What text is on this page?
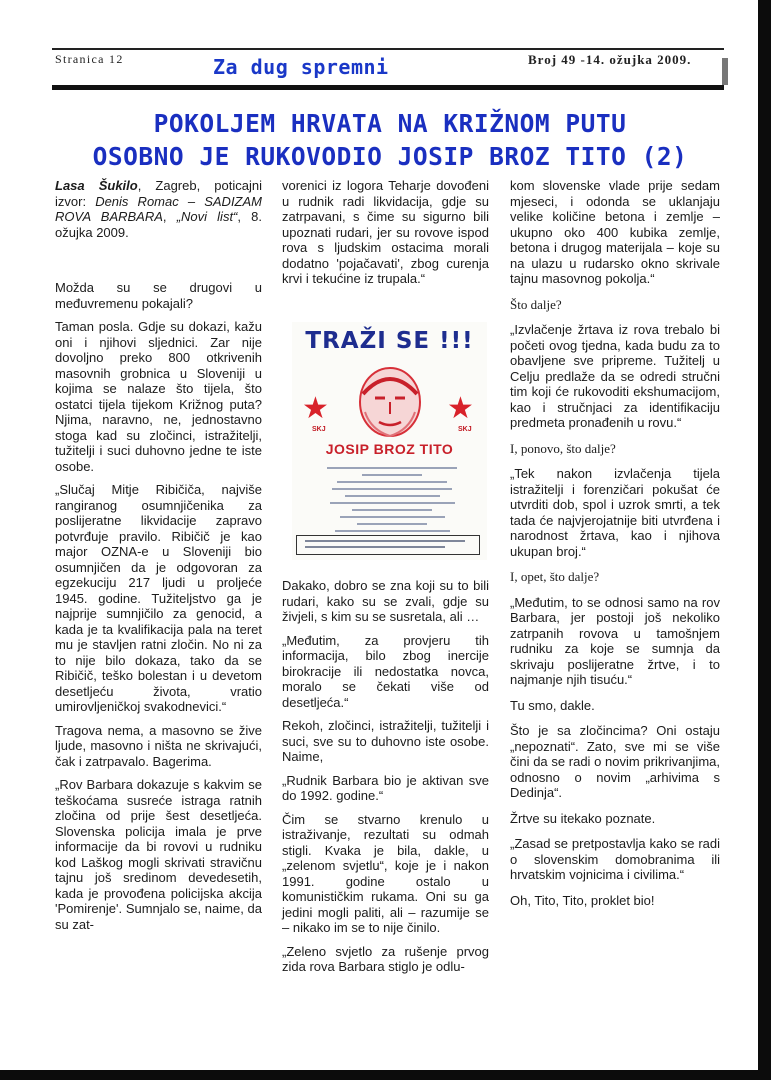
Stranica 12	Za dug spremni	Broj 49 -14. ožujka 2009.
POKOLJEM HRVATA NA KRIŽNOM PUTU
OSOBNO JE RUKOVODIO JOSIP BROZ TITO (2)

Lasa Šukilo, Zagreb, poticajni izvor: Denis Romac – SADIZAM ROVA BARBARA, „Novi list“, 8. ožujka 2009.

Možda su se drugovi u međuvremenu pokajali?

Taman posla. Gdje su dokazi, kažu oni i njihovi sljednici. Zar nije dovoljno preko 800 otkrivenih masovnih grobnica u Sloveniji u kojima se nalaze što tijela, što ostatci tijela tijekom Križnog puta? Njima, naravno, ne, jednostavno stoga kad su zločinci, istražitelji, tužitelji i suci duhovno jedne te iste osobe.

„Slučaj Mitje Ribičiča, najviše rangiranog osumnjičenika za poslijeratne likvidacije zapravo potvrđuje pravilo. Ribičič je kao major OZNA-e u Sloveniji bio osumnjičen da je odgovoran za egzekuciju 217 ljudi u proljeće 1945. godine. Tužiteljstvo ga je najprije sumnjičilo za genocid, a kada je ta kvalifikacija pala na teret mu je stavljen ratni zločin. No ni za to nije bilo dokaza, tako da se Ribičič, teško bolestan i u devetom desetljeću života, vratio umirovljeničkoj svakodnevici.“

Tragova nema, a masovno se žive ljude, masovno i ništa ne skrivajući, čak i zatrpavalo. Bagerima.

„Rov Barbara dokazuje s kakvim se teškoćama susreće istraga ratnih zločina od prije šest desetljeća. Slovenska policija imala je prve informacije da bi rovovi u rudniku kod Laškog mogli skrivati stravičnu tajnu još sredinom devedesetih, kada je provođena policijska akcija 'Pomirenje'. Sumnjalo se, naime, da su zat-

vorenici iz logora Teharje dovođeni u rudnik radi likvidacija, gdje su zatrpavani, s čime su sigurno bili upoznati rudari, jer su rovove ispod rova s ljudskim ostacima morali dodatno 'pojačavati', zbog curenja krvi i tekućine iz trupala.“

TRAŽI SE !!!
★	★
SKJ	SKJ
JOSIP BROZ TITO

Dakako, dobro se zna koji su to bili rudari, kako su se zvali, gdje su živjeli, s kim su se susretala, ali …

„Međutim, za provjeru tih informacija, bilo zbog inercije birokracije ili nedostatka novca, moralo se čekati više od desetljeća.“

Rekoh, zločinci, istražitelji, tužitelji i suci, sve su to duhovno iste osobe. Naime,

„Rudnik Barbara bio je aktivan sve do 1992. godine.“

Čim se stvarno krenulo u istraživanje, rezultati su odmah stigli. Kvaka je bila, dakle, u „zelenom svjetlu“, koje je i nakon 1991. godine ostalo u komunističkim rukama. Oni su ga jedini mogli paliti, ali – razumije se – nikako im se to nije činilo.

„Zeleno svjetlo za rušenje prvog zida rova Barbara stiglo je odlu-

kom slovenske vlade prije sedam mjeseci, i odonda se uklanjaju velike količine betona i zemlje – ukupno oko 400 kubika zemlje, betona i drugog materijala – koje su na ulazu u rudarsko okno skrivale tajnu masovnog pokolja.“

Što dalje?

„Izvlačenje žrtava iz rova trebalo bi početi ovog tjedna, kada budu za to obavljene sve pripreme. Tužitelj u Celju predlaže da se odredi stručni tim koji će rukovoditi ekshumacijom, kao i stručnjaci za identifikaciju predmeta pronađenih u rovu.“

I, ponovo, što dalje?

„Tek nakon izvlačenja tijela istražitelji i forenzičari pokušat će utvrditi dob, spol i uzrok smrti, a tek tada će najvjerojatnije biti utvrđena i narodnost žrtava, kao i njihova ukupan broj.“

I, opet, što dalje?

„Međutim, to se odnosi samo na rov Barbara, jer postoji još nekoliko zatrpanih rovova u tamošnjem rudniku za koje se sumnja da skrivaju poslijeratne žrtve, i to najmanje njih tisuću.“

Tu smo, dakle.

Što je sa zločincima? Oni ostaju „nepoznati“. Zato, sve mi se više čini da se radi o novim prikrivanjima, odnosno o novim „arhivima s Dedinja“.

Žrtve su itekako poznate.

„Zasad se pretpostavlja kako se radi o slovenskim domobranima ili hrvatskim vojnicima i civilima.“

Oh, Tito, Tito, proklet bio!
